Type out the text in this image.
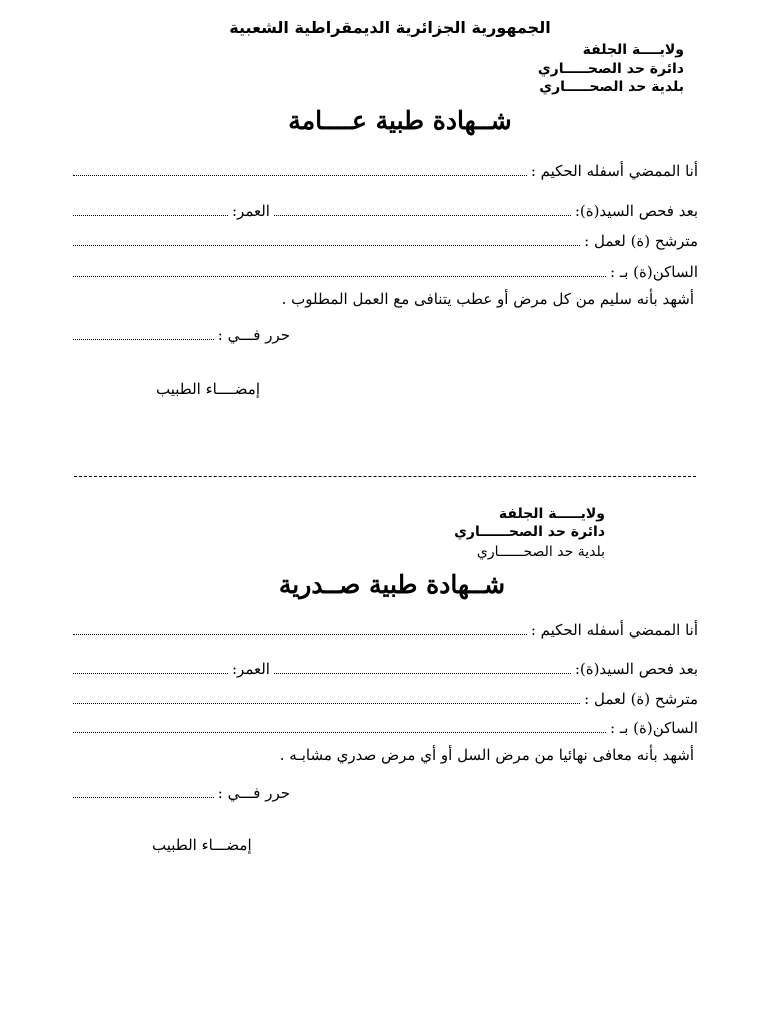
الجمهورية الجزائرية الديمقراطية الشعبية
ولايــــة الجلفة
دائرة حد الصحـــــاري
بلدية حد الصحـــــاري
شــهادة طبية عــــامة
أنا الممضي أسفله الحكيم :
بعد فحص السيد(ة):
العمر:
مترشح (ة) لعمل :
الساكن(ة) بـ :
أشهد بأنه سليم من كل مرض أو عطب يتنافى مع العمل المطلوب .
حرر فـــي :
إمضــــاء الطبيب
ولايـــــة الجلفة
دائرة حد الصحــــــاري
بلدية حد الصحــــــاري
شــهادة طبية صــدرية
أنا الممضي أسفله الحكيم :
بعد فحص السيد(ة):
العمر:
مترشح (ة) لعمل :
الساكن(ة) بـ :
أشهد بأنه معافى نهائيا من مرض السل أو أي مرض صدري مشابـه .
حرر فـــي :
إمضـــاء الطبيب
